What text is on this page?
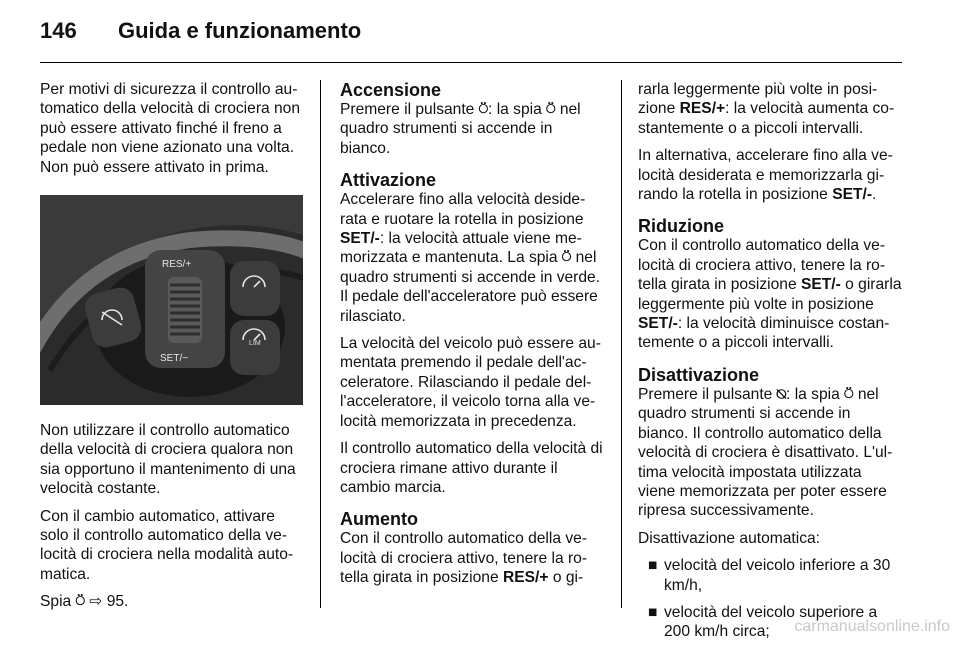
146 Guida e funzionamento

Per motivi di sicurezza il controllo au-tomatico della velocità di crociera non può essere attivato finché il freno a pedale non viene azionato una volta. Non può essere attivato in prima.

RES/+
SET/−
LIM

Non utilizzare il controllo automatico della velocità di crociera qualora non sia opportuno il mantenimento di una velocità costante.

Con il cambio automatico, attivare solo il controllo automatico della ve-locità di crociera nella modalità auto-matica.

Spia ⍥ ⇨ 95.

Accensione

Premere il pulsante ⍥: la spia ⍥ nel quadro strumenti si accende in bianco.

Attivazione

Accelerare fino alla velocità deside-rata e ruotare la rotella in posizione SET/-: la velocità attuale viene me-morizzata e mantenuta. La spia ⍥ nel quadro strumenti si accende in verde. Il pedale dell'acceleratore può essere rilasciato.

La velocità del veicolo può essere au-mentata premendo il pedale dell'ac-celeratore. Rilasciando il pedale del-l'acceleratore, il veicolo torna alla ve-locità memorizzata in precedenza.

Il controllo automatico della velocità di crociera rimane attivo durante il cambio marcia.

Aumento

Con il controllo automatico della ve-locità di crociera attivo, tenere la ro-tella girata in posizione RES/+ o gi-

rarla leggermente più volte in posi-zione RES/+: la velocità aumenta co-stantemente o a piccoli intervalli.

In alternativa, accelerare fino alla ve-locità desiderata e memorizzarla gi-rando la rotella in posizione SET/-.

Riduzione

Con il controllo automatico della ve-locità di crociera attivo, tenere la ro-tella girata in posizione SET/- o girarla leggermente più volte in posizione SET/-: la velocità diminuisce costan-temente o a piccoli intervalli.

Disattivazione

Premere il pulsante ⍉: la spia ⍥ nel quadro strumenti si accende in bianco. Il controllo automatico della velocità di crociera è disattivato. L'ul-tima velocità impostata utilizzata viene memorizzata per poter essere ripresa successivamente.

Disattivazione automatica:

■ velocità del veicolo inferiore a 30 km/h,

■ velocità del veicolo superiore a 200 km/h circa;	carmanualsonline.info
